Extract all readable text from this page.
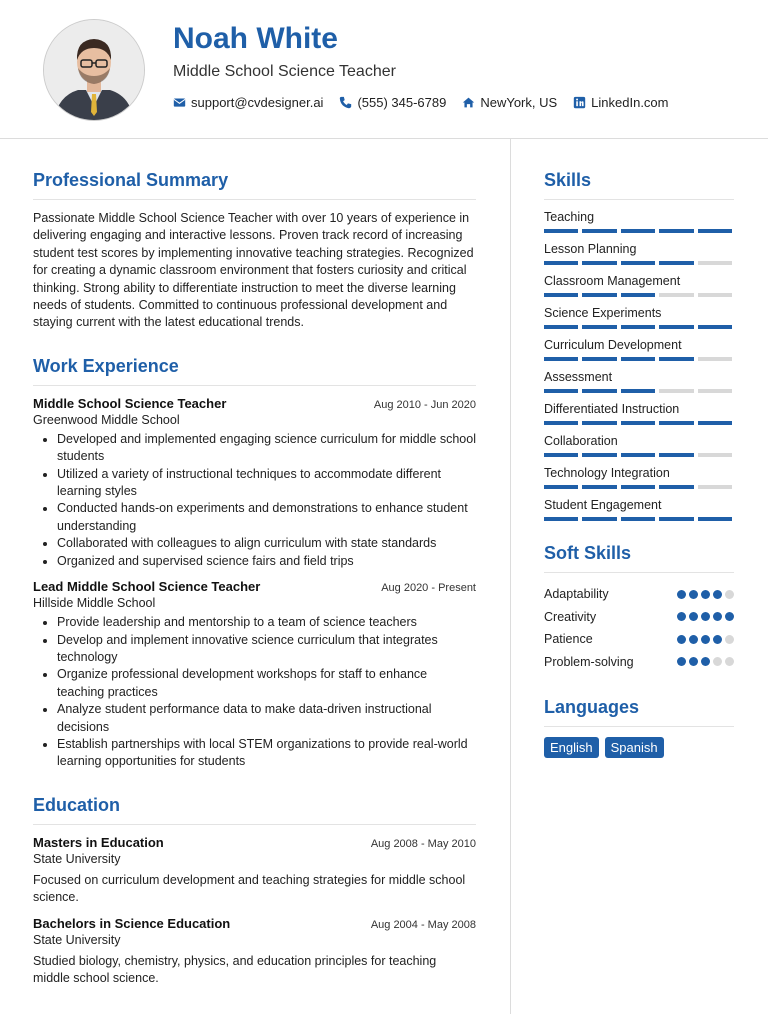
Noah White
Middle School Science Teacher
support@cvdesigner.ai	(555) 345-6789	NewYork, US	LinkedIn.com
Professional Summary

Passionate Middle School Science Teacher with over 10 years of experience in delivering engaging and interactive lessons. Proven track record of increasing student test scores by implementing innovative teaching strategies. Recognized for creating a dynamic classroom environment that fosters curiosity and critical thinking. Strong ability to differentiate instruction to meet the diverse learning needs of students. Committed to continuous professional development and staying current with the latest educational trends.

Work Experience
Middle School Science Teacher	Aug 2010 - Jun 2020
Greenwood Middle School
• Developed and implemented engaging science curriculum for middle school students
• Utilized a variety of instructional techniques to accommodate different learning styles
• Conducted hands-on experiments and demonstrations to enhance student understanding
• Collaborated with colleagues to align curriculum with state standards
• Organized and supervised science fairs and field trips
Lead Middle School Science Teacher	Aug 2020 - Present
Hillside Middle School
• Provide leadership and mentorship to a team of science teachers
• Develop and implement innovative science curriculum that integrates technology
• Organize professional development workshops for staff to enhance teaching practices
• Analyze student performance data to make data-driven instructional decisions
• Establish partnerships with local STEM organizations to provide real-world learning opportunities for students
Education
Masters in Education	Aug 2008 - May 2010
State University

Focused on curriculum development and teaching strategies for middle school science.

Bachelors in Science Education	Aug 2004 - May 2008
State University

Studied biology, chemistry, physics, and education principles for teaching middle school science.

Skills
Teaching
Lesson Planning
Classroom Management
Science Experiments
Curriculum Development
Assessment
Differentiated Instruction
Collaboration
Technology Integration
Student Engagement
Soft Skills
Adaptability
Creativity
Patience
Problem-solving
Languages
English	Spanish
